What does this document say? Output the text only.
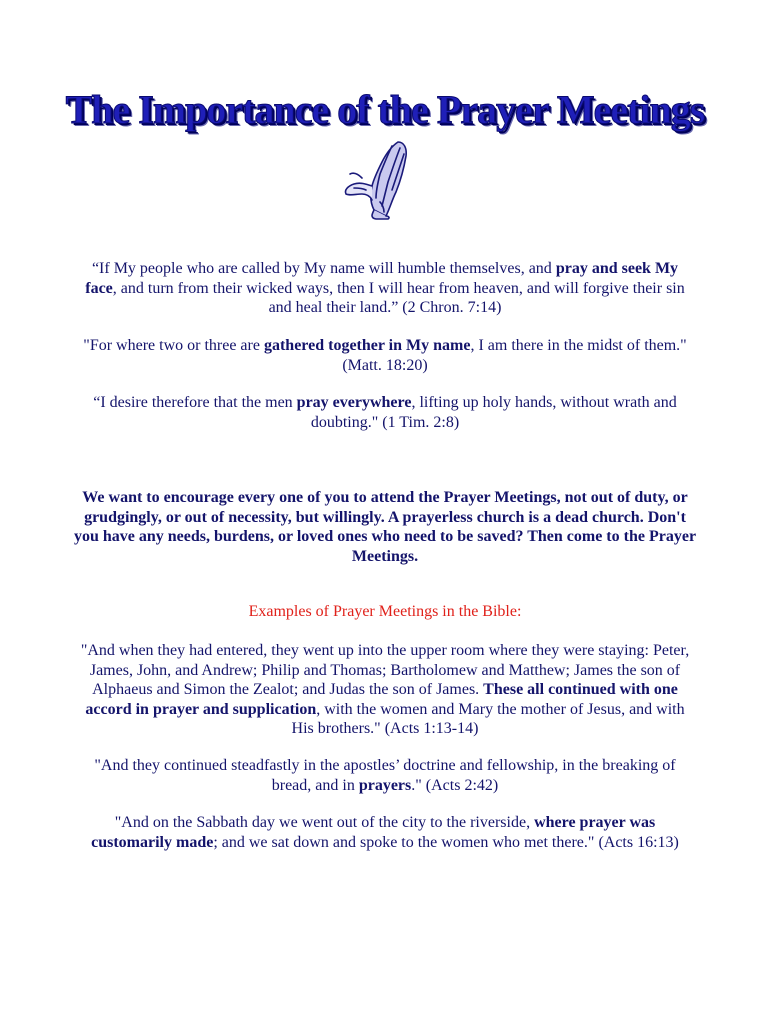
The Importance of the Prayer Meetings
“If My people who are called by My name will humble themselves, and pray and seek My face, and turn from their wicked ways, then I will hear from heaven, and will forgive their sin and heal their land.” (2 Chron. 7:14)
"For where two or three are gathered together in My name, I am there in the midst of them." (Matt. 18:20)
“I desire therefore that the men pray everywhere, lifting up holy hands, without wrath and doubting." (1 Tim. 2:8)
We want to encourage every one of you to attend the Prayer Meetings, not out of duty, or grudgingly, or out of necessity, but willingly. A prayerless church is a dead church. Don't you have any needs, burdens, or loved ones who need to be saved? Then come to the Prayer Meetings.
Examples of Prayer Meetings in the Bible:
"And when they had entered, they went up into the upper room where they were staying: Peter, James, John, and Andrew; Philip and Thomas; Bartholomew and Matthew; James the son of Alphaeus and Simon the Zealot; and Judas the son of James. These all continued with one accord in prayer and supplication, with the women and Mary the mother of Jesus, and with His brothers." (Acts 1:13-14)
"And they continued steadfastly in the apostles’ doctrine and fellowship, in the breaking of bread, and in prayers." (Acts 2:42)
"And on the Sabbath day we went out of the city to the riverside, where prayer was customarily made; and we sat down and spoke to the women who met there." (Acts 16:13)
